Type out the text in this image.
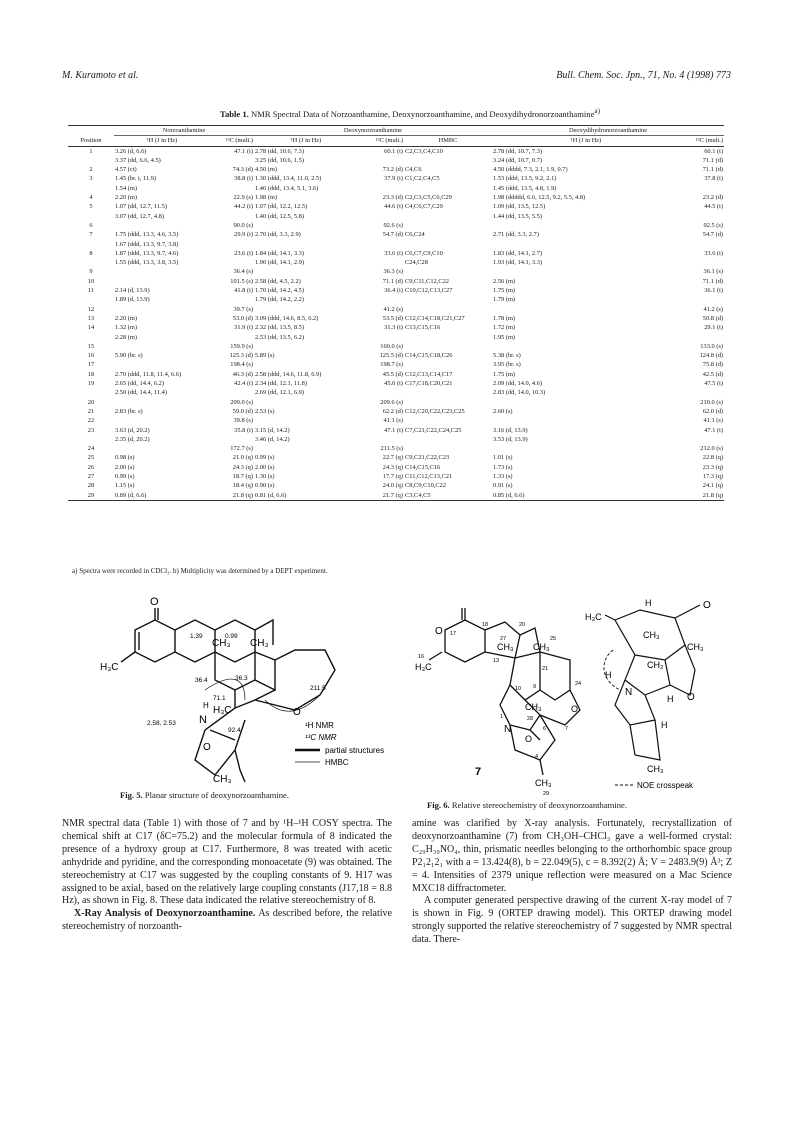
M. Kuramoto et al.	Bull. Chem. Soc. Jpn., 71, No. 4 (1998) 773
Table 1. NMR Spectral Data of Norzoanthamine, Deoxynorzoanthamine, and Deoxydihydronorzoanthamine$^{a)}$
	Norzoanthamine		Deoxynorzoanthamine			Deoxydihydronorzoanthamine	
Position	¹H (J in Hz)	¹³C (mult.)	¹H (J in Hz)	¹³C (mult.)	HMBC	¹H (J in Hz)	¹³C (mult.)
1	3.26 (d, 6.6)	47.1 (t)	2.78 (dd, 10.6, 7.3)	60.1 (t)	C2,C3,C4,C10	2.78 (dd, 10.7, 7.3)	60.1 (t)
	3.37 (dd, 6.6, 4.5)		3.25 (dd, 10.6, 1.5)			3.24 (dd, 10.7, 0.7)	71.1 (d)
2	4.57 (ct)	74.3 (d)	4.50 (m)	73.2 (d)	C4,C6	4.50 (dddd, 7.3, 2.1, 1.9, 0.7)	71.1 (d)
3	1.45 (br. t, 11.9)	38.8 (t)	1.30 (ddd, 13.4, 11.0, 2.5)	37.9 (t)	C1,C2,C4,C5	1.53 (ddd, 13.5, 9.2, 2.1)	37.8 (t)
	1.54 (m)		1.46 (ddd, 13.4, 5.1, 3.6)			1.45 (ddd, 13.5, 4.8, 1.9)	
4	2.20 (m)	22.9 (s)	1.98 (m)	23.3 (d)	C2,C3,C5,C6,C29	1.98 (ddddd, 6.6, 12.5, 9.2, 5.5, 4.8)	23.2 (d)
5	1.07 (dd, 12.7, 11.5)	44.2 (t)	1.07 (dd, 12.2, 12.5)	44.6 (t)	C4,C6,C7,C29	1.09 (dd, 13.5, 12.5)	44.5 (t)
	3.07 (dd, 12.7, 4.8)		1.40 (dd, 12.5, 5.8)			1.44 (dd, 13.5, 5.5)	
6		90.0 (s)		92.6 (s)			92.5 (s)
7	1.75 (ddd, 13.3, 4.6, 3.5)	29.9 (t)	2.70 (dd, 3.3, 2.9)	54.7 (d)	C6,C24	2.71 (dd, 3.3, 2.7)	54.7 (d)
	1.67 (ddd, 13.3, 9.7, 3.8)						
8	1.87 (ddd, 13.3, 9.7, 4.6)	23.6 (t)	1.84 (dd, 14.1, 3.3)	33.6 (t)	C6,C7,C9,C10	1.83 (dd, 14.1, 2.7)	33.6 (t)
	1.55 (ddd, 13.3, 3.8, 3.5)		1.90 (dd, 14.1, 2.9)		C24,C28	1.93 (dd, 14.1, 3.3)	
9		36.4 (s)		36.3 (s)			36.1 (s)
10		101.5 (s)	2.58 (dd, 4.5, 2.2)	71.1 (d)	C9,C11,C12,C22	2.56 (m)	71.1 (d)
11	2.14 (d, 13.9)	41.8 (t)	1.70 (dd, 14.2, 4.5)	36.4 (t)	C10,C12,C13,C27	1.75 (m)	36.1 (t)
	1.89 (d, 13.9)		1.79 (dd, 14.2, 2.2)			1.79 (m)	
12		39.7 (s)		41.2 (s)			41.2 (s)
13	2.20 (m)	53.0 (d)	3.09 (ddd, 14.6, 8.5, 6.2)	53.5 (d)	C12,C14,C18,C21,C27	1.78 (m)	50.8 (d)
14	1.32 (m)	31.9 (t)	2.32 (dd, 13.5, 8.5)	31.3 (t)	C13,C15,C16	1.72 (m)	29.1 (t)
	2.28 (m)		2.53 (dd, 13.5, 6.2)			1.95 (m)	
15		159.9 (s)		160.0 (s)			133.0 (s)
16	5.90 (br. s)	125.3 (d)	5.89 (s)	125.5 (d)	C14,C15,C18,C26	5.38 (br. s)	124.8 (d)
17		198.4 (s)		198.7 (s)		3.95 (br. s)	75.8 (d)
18	2.70 (ddd, 11.8, 11.4, 6.6)	46.3 (d)	2.58 (ddd, 14.6, 11.8, 6.9)	45.5 (d)	C12,C13,C14,C17	1.75 (m)	42.5 (d)
19	2.65 (dd, 14.4, 6.2)	42.4 (t)	2.34 (dd, 12.1, 11.8)	45.0 (t)	C17,C18,C20,C21	2.09 (dd, 14.0, 4.6)	47.5 (t)
	2.50 (dd, 14.4, 11.4)		2.69 (dd, 12.1, 6.9)			2.83 (dd, 14.0, 10.3)	
20		209.0 (s)		209.6 (s)			210.0 (s)
21	2.83 (br. s)	59.0 (d)	2.53 (s)	62.2 (d)	C12,C20,C22,C23,C25	2.60 (s)	62.0 (d)
22		39.8 (s)		41.1 (s)			41.1 (s)
23	3.63 (d, 20.2)	35.8 (t)	3.15 (d, 14.2)	47.1 (t)	C7,C21,C22,C24,C25	3.16 (d, 13.9)	47.1 (t)
	2.35 (d, 20.2)		3.46 (d, 14.2)			3.53 (d, 13.9)	
24		172.7 (s)		211.5 (s)			212.0 (s)
25	0.98 (s)	21.0 (q)	0.99 (s)	22.7 (q)	C9,C21,C22,C23	1.01 (s)	22.8 (q)
26	2.00 (s)	24.3 (q)	2.00 (s)	24.3 (q)	C14,C15,C16	1.73 (s)	23.3 (q)
27	0.99 (s)	18.7 (q)	1.30 (s)	17.7 (q)	C11,C12,C13,C21	1.33 (s)	17.3 (q)
28	1.15 (s)	18.4 (q)	0.90 (s)	24.0 (q)	C8,C9,C10,C22	0.91 (s)	24.1 (q)
29	0.89 (d, 6.6)	21.8 (q)	0.81 (d, 6.6)	21.7 (q)	C3,C4,C5	0.85 (d, 6.6)	21.8 (q)
a) Spectra were recorded in CDCl₃. b) Multiplicity was determined by a DEPT experiment.
O
H₃C
CH₃ CH₃
1.39	0.99
36.4	36.3
71.1
H₃C
H
211.5
O
2.58, 2.53 N
92.4
O
CH₃
¹H NMR
¹³C NMR
partial structures
HMBC
Fig. 5. Planar structure of deoxynorzoanthamine.
O 17
18
16
H₃C
20
25
27
CH₃ CH₃
13
21
9
10
CH₃
28
24
O
7
1
N	6
O
4
CH₃
29
7
H₃C
H	O
CH₃
CH₃
H
CH₂
N
H O
H
CH₃
NOE crosspeak
Fig. 6. Relative stereochemistry of deoxynorzoanthamine.

NMR spectral data (Table 1) with those of 7 and by ¹H–¹H COSY spectra. The chemical shift at C17 (δC=75.2) and the molecular formula of 8 indicated the presence of a hydroxy group at C17. Furthermore, 8 was treated with acetic anhydride and pyridine, and the corresponding monoacetate (9) was obtained. The stereochemistry at C17 was suggested by the coupling constants of 9. H17 was assigned to be axial, based on the relatively large coupling constants (J17,18 = 8.8 Hz), as shown in Fig. 8. These data indicated the relative stereochemistry of 8.

X-Ray Analysis of Deoxynorzoanthamine. As described before, the relative stereochemistry of norzoanth-

amine was clarified by X-ray analysis. Fortunately, recrystallization of deoxynorzoanthamine (7) from CH₃OH–CHCl₃ gave a well-formed crystal: C₂₉H₃₉NO₄, thin, prismatic needles belonging to the orthorhombic space group P2₁2₁2₁ with a = 13.424(8), b = 22.049(5), c = 8.392(2) Å; V = 2483.9(9) Å³; Z = 4. Intensities of 2379 unique reflection were measured on a Mac Science MXC18 diffractometer.

A computer generated perspective drawing of the current X-ray model of 7 is shown in Fig. 9 (ORTEP drawing model). This ORTEP drawing model strongly supported the relative stereochemistry of 7 suggested by NMR spectral data. There-
